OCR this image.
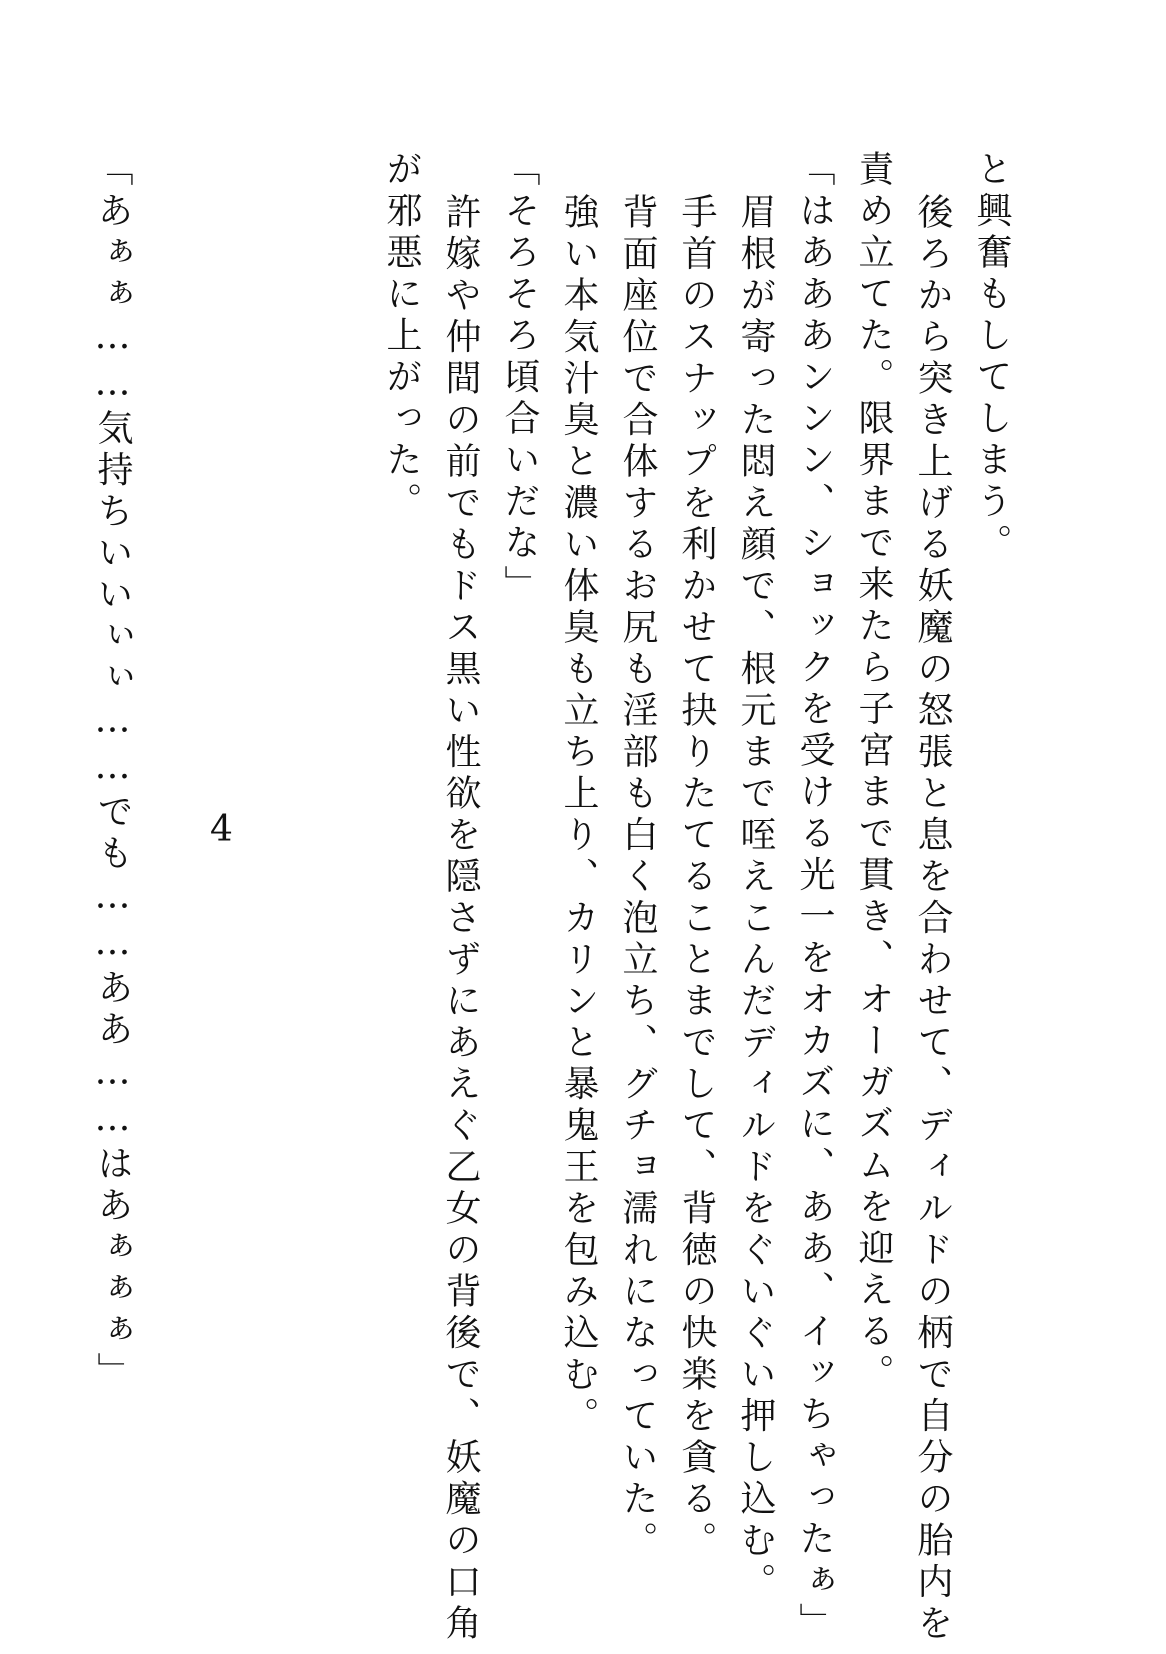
と興奮もしてしまう。
後ろから突き上げる妖魔の怒張と息を合わせて、ディルドの柄で自分の胎内を
責め立てた。限界まで来たら子宮まで貫き、オーガズムを迎える。
「はあああンンン、ショックを受ける光一をオカズに、ああ、イッちゃったぁ」
眉根が寄った悶え顔で、根元まで咥えこんだディルドをぐいぐい押し込む。
手首のスナップを利かせて抉りたてることまでして、背徳の快楽を貪る。
背面座位で合体するお尻も淫部も白く泡立ち、グチョ濡れになっていた。
強い本気汁臭と濃い体臭も立ち上り、カリンと暴鬼王を包み込む。
「そろそろ頃合いだな」
許嫁や仲間の前でもドス黒い性欲を隠さずにあえぐ乙女の背後で、妖魔の口角
が邪悪に上がった。
「あぁぁ……気持ちいいぃぃ……でも……ああ……はあぁぁぁ」 4
